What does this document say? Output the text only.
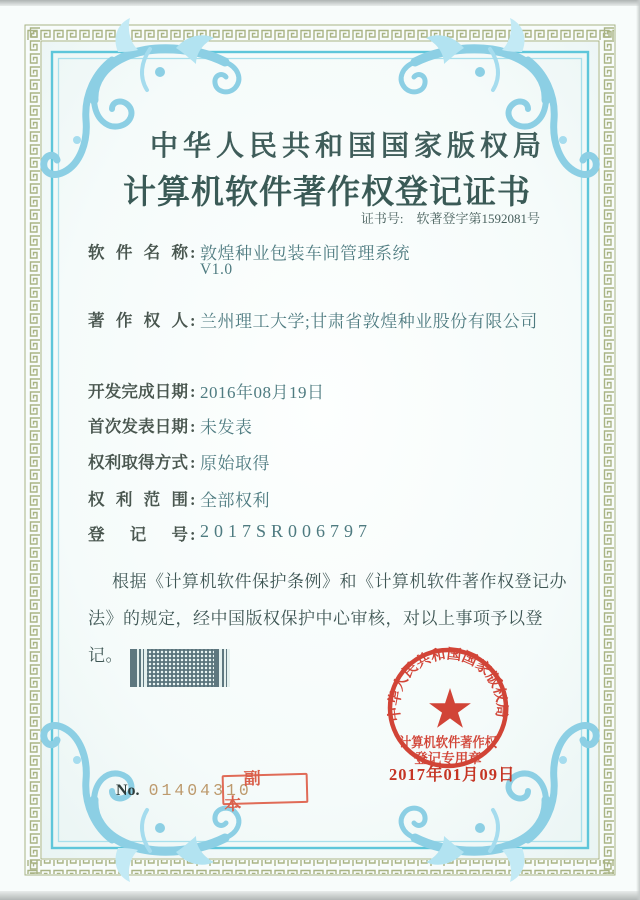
中华人民共和国国家版权局
计算机软件著作权登记证书
证书号: 软著登字第1592081号
软件名称 : 敦煌种业包装车间管理系统
V1.0
著作权人 : 兰州理工大学;甘肃省敦煌种业股份有限公司
开发完成日期 : 2016年08月19日
首次发表日期 : 未发表
权利取得方式 : 原始取得
权利范围 : 全部权利
登记号 : 2017SR006797
根据《计算机软件保护条例》和《计算机软件著作权登记办法》的规定，经中国版权保护中心审核，对以上事项予以登记。
中华人民共和国国家版权局
计算机软件著作权
登记专用章
2017年01月09日
No. 01404310
副本
